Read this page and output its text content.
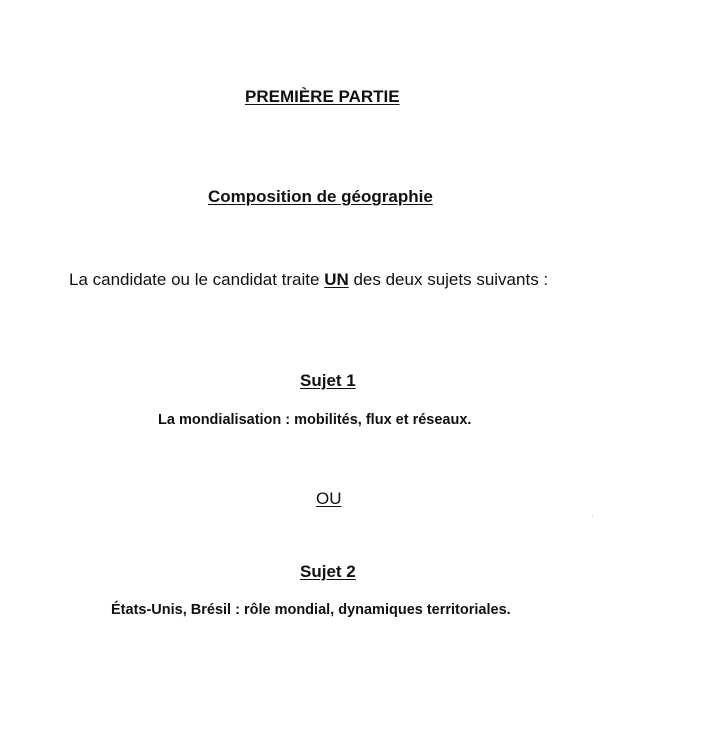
PREMIÈRE PARTIE
Composition de géographie
La candidate ou le candidat traite UN des deux sujets suivants :
Sujet 1
La mondialisation : mobilités, flux et réseaux.
OU
Sujet 2
États-Unis, Brésil : rôle mondial, dynamiques territoriales.
